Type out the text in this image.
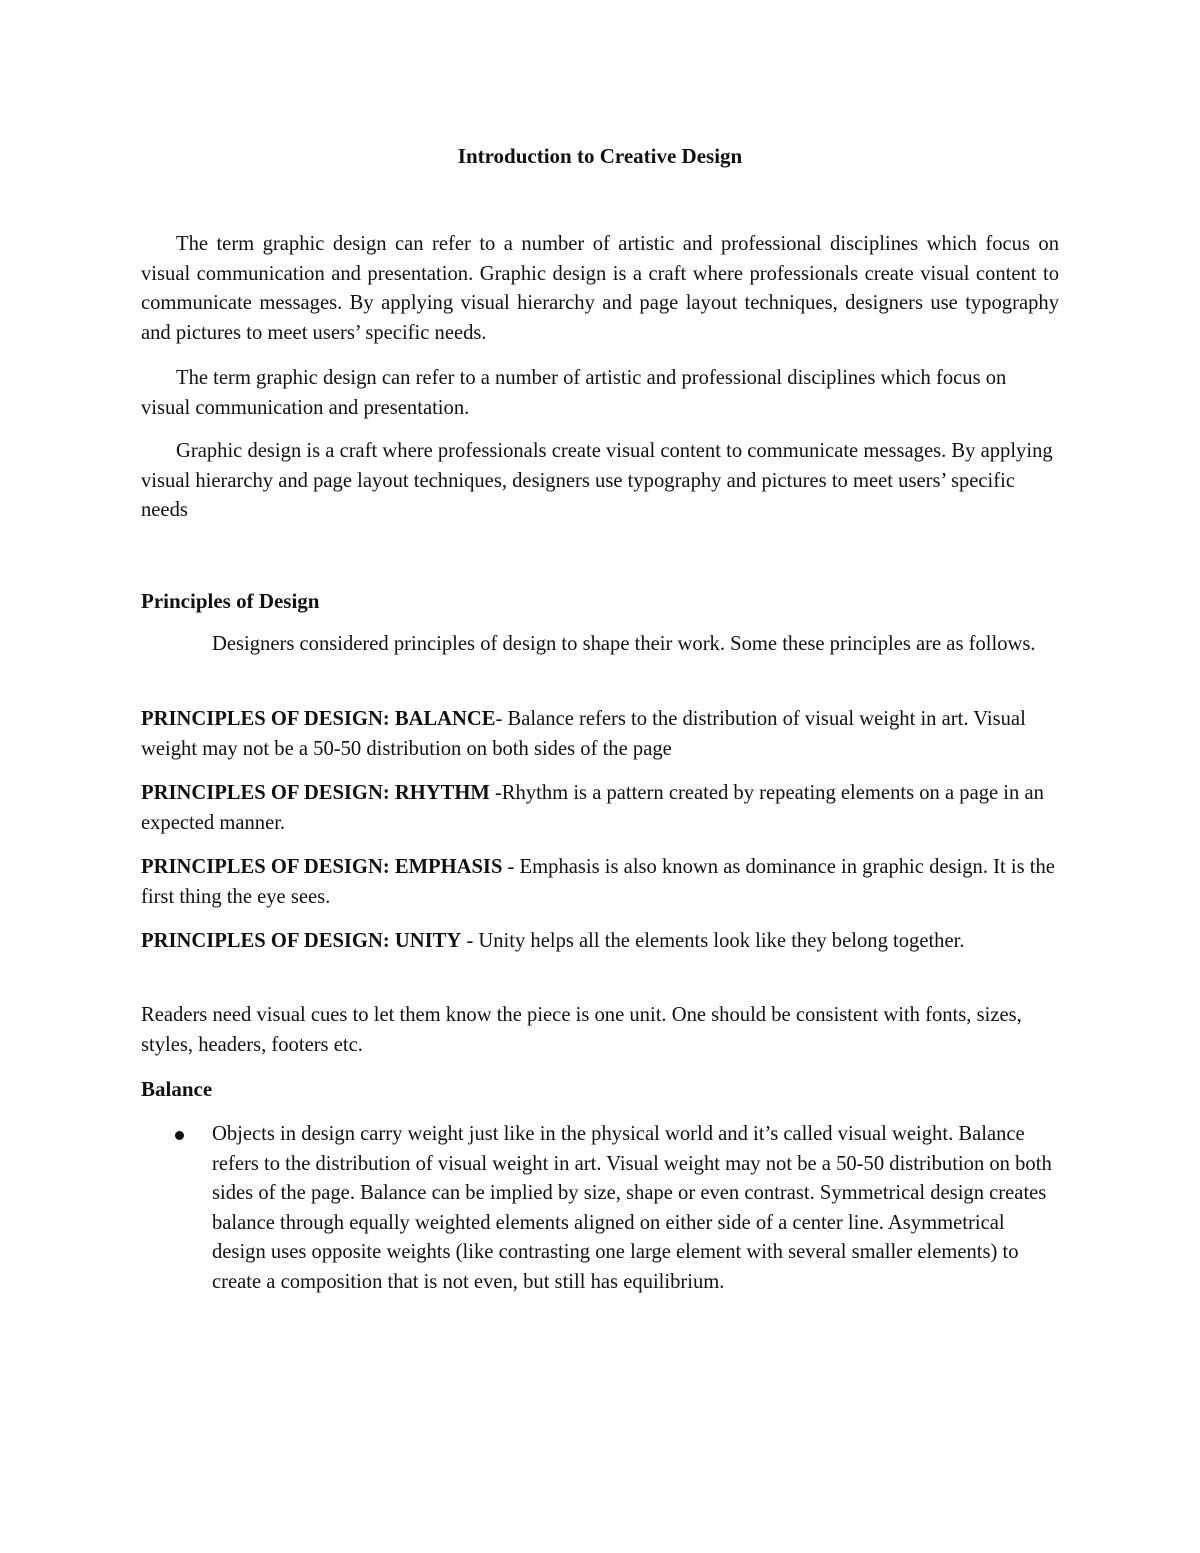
Introduction to Creative Design

The term graphic design can refer to a number of artistic and professional disciplines which focus on visual communication and presentation. Graphic design is a craft where professionals create visual content to communicate messages. By applying visual hierarchy and page layout techniques, designers use typography and pictures to meet users’ specific needs.

The term graphic design can refer to a number of artistic and professional disciplines which focus on visual communication and presentation.

Graphic design is a craft where professionals create visual content to communicate messages. By applying visual hierarchy and page layout techniques, designers use typography and pictures to meet users’ specific needs

Principles of Design

Designers considered principles of design to shape their work. Some these principles are as follows.

PRINCIPLES OF DESIGN: BALANCE- Balance refers to the distribution of visual weight in art. Visual weight may not be a 50-50 distribution on both sides of the page

PRINCIPLES OF DESIGN: RHYTHM -Rhythm is a pattern created by repeating elements on a page in an expected manner.

PRINCIPLES OF DESIGN: EMPHASIS - Emphasis is also known as dominance in graphic design. It is the first thing the eye sees.

PRINCIPLES OF DESIGN: UNITY - Unity helps all the elements look like they belong together.

Readers need visual cues to let them know the piece is one unit. One should be consistent with fonts, sizes, styles, headers, footers etc.

Balance

Objects in design carry weight just like in the physical world and it’s called visual weight. Balance refers to the distribution of visual weight in art. Visual weight may not be a 50-50 distribution on both sides of the page. Balance can be implied by size, shape or even contrast. Symmetrical design creates balance through equally weighted elements aligned on either side of a center line. Asymmetrical design uses opposite weights (like contrasting one large element with several smaller elements) to create a composition that is not even, but still has equilibrium.
